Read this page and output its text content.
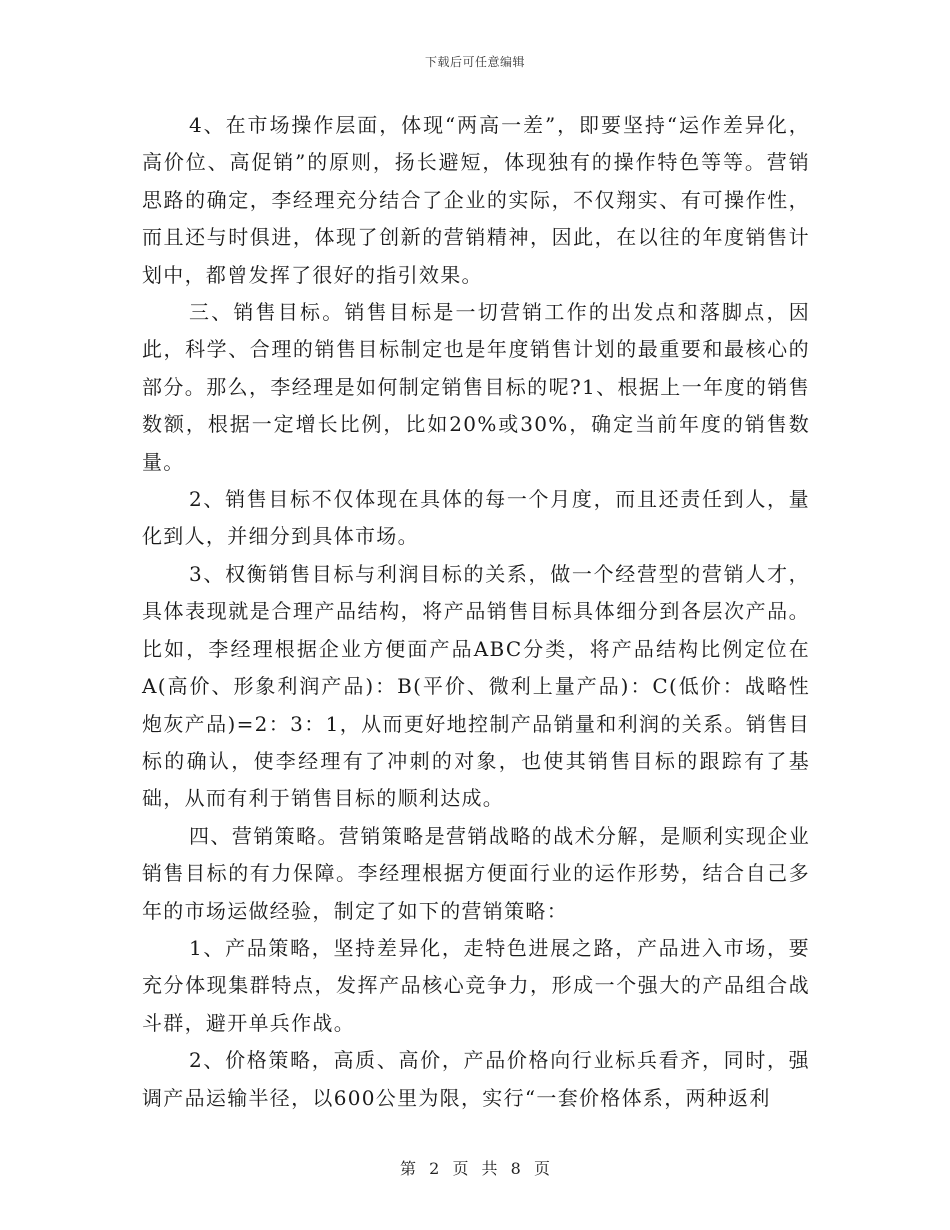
下载后可任意编辑

4、在市场操作层面，体现“两高一差”，即要坚持“运作差异化，高价位、高促销”的原则，扬长避短，体现独有的操作特色等等。营销思路的确定，李经理充分结合了企业的实际，不仅翔实、有可操作性，而且还与时俱进，体现了创新的营销精神，因此，在以往的年度销售计划中，都曾发挥了很好的指引效果。

三、销售目标。销售目标是一切营销工作的出发点和落脚点，因此，科学、合理的销售目标制定也是年度销售计划的最重要和最核心的部分。那么，李经理是如何制定销售目标的呢?1、根据上一年度的销售数额，根据一定增长比例，比如20%或30%，确定当前年度的销售数量。

2、销售目标不仅体现在具体的每一个月度，而且还责任到人，量化到人，并细分到具体市场。

3、权衡销售目标与利润目标的关系，做一个经营型的营销人才，具体表现就是合理产品结构，将产品销售目标具体细分到各层次产品。比如，李经理根据企业方便面产品ABC分类，将产品结构比例定位在A(高价、形象利润产品)：B(平价、微利上量产品)：C(低价：战略性炮灰产品)=2：3：1，从而更好地控制产品销量和利润的关系。销售目标的确认，使李经理有了冲刺的对象，也使其销售目标的跟踪有了基础，从而有利于销售目标的顺利达成。

四、营销策略。营销策略是营销战略的战术分解，是顺利实现企业销售目标的有力保障。李经理根据方便面行业的运作形势，结合自己多年的市场运做经验，制定了如下的营销策略：

1、产品策略，坚持差异化，走特色进展之路，产品进入市场，要充分体现集群特点，发挥产品核心竞争力，形成一个强大的产品组合战斗群，避开单兵作战。

2、价格策略，高质、高价，产品价格向行业标兵看齐，同时，强调产品运输半径，以600公里为限，实行“一套价格体系，两种返利

第 2 页 共 8 页
